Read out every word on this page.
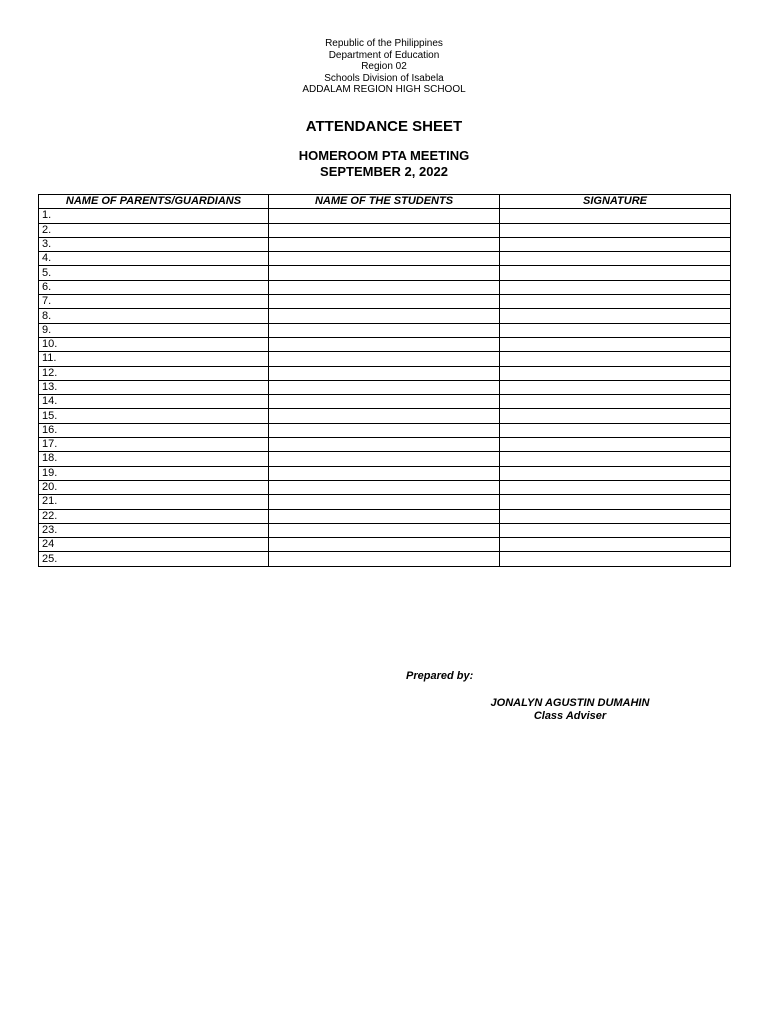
Republic of the Philippines
Department of Education
Region 02
Schools Division of Isabela
ADDALAM REGION HIGH SCHOOL
ATTENDANCE SHEET
HOMEROOM PTA MEETING
SEPTEMBER 2, 2022
NAME OF PARENTS/GUARDIANS	NAME OF THE STUDENTS	SIGNATURE
1.		
2.		
3.		
4.		
5.		
6.		
7.		
8.		
9.		
10.		
11.		
12.		
13.		
14.		
15.		
16.		
17.		
18.		
19.		
20.		
21.		
22.		
23.		
24		
25.		
Prepared by:
JONALYN AGUSTIN DUMAHIN
Class Adviser
